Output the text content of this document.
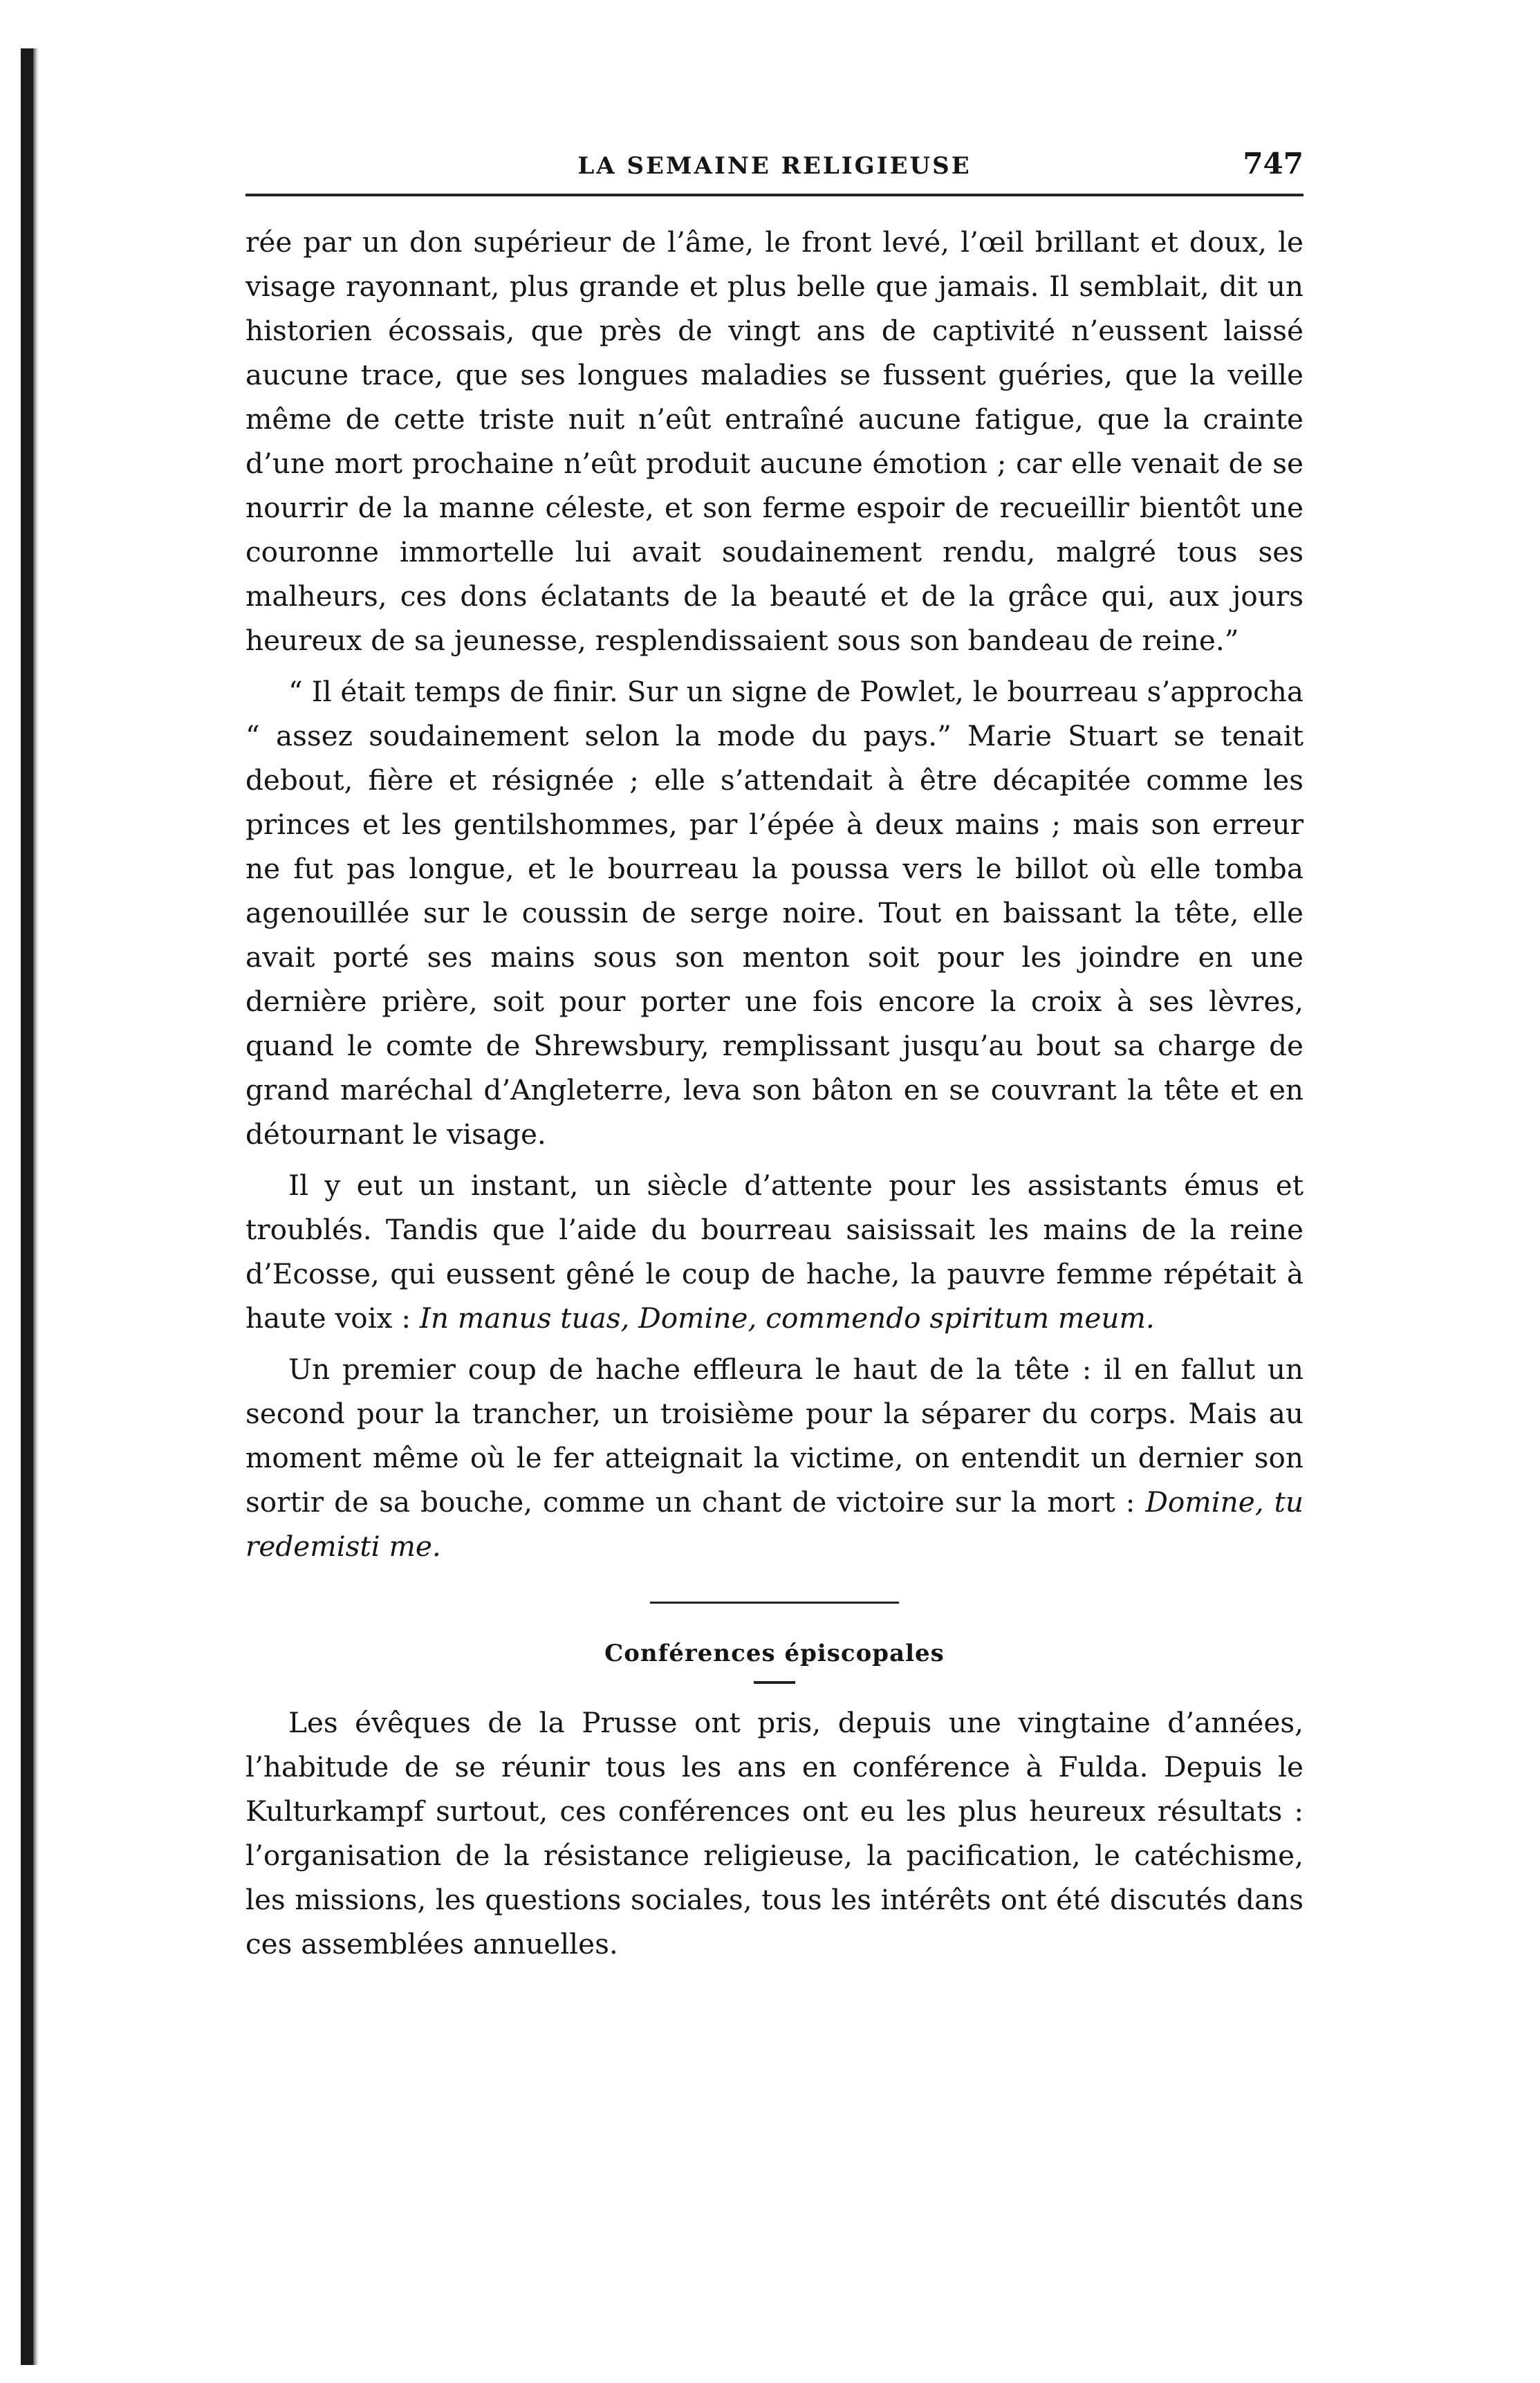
LA SEMAINE RELIGIEUSE	747

rée par un don supérieur de l’âme, le front levé, l’œil brillant et doux, le visage rayonnant, plus grande et plus belle que jamais. Il semblait, dit un historien écossais, que près de vingt ans de captivité n’eussent laissé aucune trace, que ses longues maladies se fussent guéries, que la veille même de cette triste nuit n’eût entraîné aucune fatigue, que la crainte d’une mort prochaine n’eût produit aucune émotion ; car elle venait de se nourrir de la manne céleste, et son ferme espoir de recueillir bientôt une couronne immortelle lui avait soudainement rendu, malgré tous ses malheurs, ces dons éclatants de la beauté et de la grâce qui, aux jours heureux de sa jeunesse, resplendissaient sous son bandeau de reine.”

“ Il était temps de finir. Sur un signe de Powlet, le bourreau s’approcha “ assez soudainement selon la mode du pays.” Marie Stuart se tenait debout, fière et résignée ; elle s’attendait à être décapitée comme les princes et les gentilshommes, par l’épée à deux mains ; mais son erreur ne fut pas longue, et le bourreau la poussa vers le billot où elle tomba agenouillée sur le coussin de serge noire. Tout en baissant la tête, elle avait porté ses mains sous son menton soit pour les joindre en une dernière prière, soit pour porter une fois encore la croix à ses lèvres, quand le comte de Shrewsbury, remplissant jusqu’au bout sa charge de grand maréchal d’Angleterre, leva son bâton en se couvrant la tête et en détournant le visage.

Il y eut un instant, un siècle d’attente pour les assistants émus et troublés. Tandis que l’aide du bourreau saisissait les mains de la reine d’Ecosse, qui eussent gêné le coup de hache, la pauvre femme répétait à haute voix : In manus tuas, Domine, commendo spiritum meum.

Un premier coup de hache effleura le haut de la tête : il en fallut un second pour la trancher, un troisième pour la séparer du corps. Mais au moment même où le fer atteignait la victime, on entendit un dernier son sortir de sa bouche, comme un chant de victoire sur la mort : Domine, tu redemisti me.

Conférences épiscopales

Les évêques de la Prusse ont pris, depuis une vingtaine d’années, l’habitude de se réunir tous les ans en conférence à Fulda. Depuis le Kulturkampf surtout, ces conférences ont eu les plus heureux résultats : l’organisation de la résistance religieuse, la pacification, le catéchisme, les missions, les questions sociales, tous les intérêts ont été discutés dans ces assemblées annuelles.
